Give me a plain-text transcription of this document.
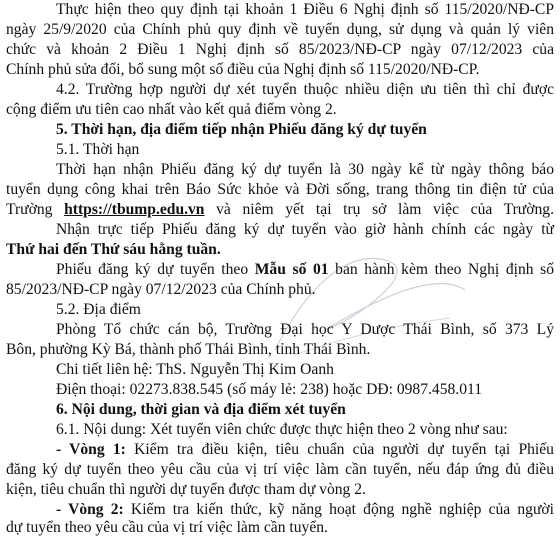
Thực hiện theo quy định tại khoản 1 Điều 6 Nghị định số 115/2020/NĐ-CP
ngày 25/9/2020 của Chính phủ quy định về tuyển dụng, sử dụng và quản lý viên
chức và khoản 2 Điều 1 Nghị định số 85/2023/NĐ-CP ngày 07/12/2023 của
Chính phủ sửa đổi, bổ sung một số điều của Nghị định số 115/2020/NĐ-CP.
4.2. Trường hợp người dự xét tuyển thuộc nhiều diện ưu tiên thì chỉ được
cộng điểm ưu tiên cao nhất vào kết quả điểm vòng 2.
5. Thời hạn, địa điểm tiếp nhận Phiếu đăng ký dự tuyển
5.1. Thời hạn
Thời hạn nhận Phiếu đăng ký dự tuyển là 30 ngày kể từ ngày thông báo
tuyển dụng công khai trên Báo Sức khỏe và Đời sống, trang thông tin điện tử của
Trường https://tbump.edu.vn và niêm yết tại trụ sở làm việc của Trường.
Nhận trực tiếp Phiếu đăng ký dự tuyển vào giờ hành chính các ngày từ
Thứ hai đến Thứ sáu hằng tuần.
Phiếu đăng ký dự tuyển theo Mẫu số 01 ban hành kèm theo Nghị định số
85/2023/NĐ-CP ngày 07/12/2023 của Chính phủ.
5.2. Địa điểm
Phòng Tổ chức cán bộ, Trường Đại học Y Dược Thái Bình, số 373 Lý
Bôn, phường Kỳ Bá, thành phố Thái Bình, tỉnh Thái Bình.
Chi tiết liên hệ: ThS. Nguyễn Thị Kim Oanh
Điện thoại: 02273.838.545 (số máy lẻ: 238) hoặc DĐ: 0987.458.011
6. Nội dung, thời gian và địa điểm xét tuyển
6.1. Nội dung: Xét tuyển viên chức được thực hiện theo 2 vòng như sau:
- Vòng 1: Kiểm tra điều kiện, tiêu chuẩn của người dự tuyển tại Phiếu
đăng ký dự tuyển theo yêu cầu của vị trí việc làm cần tuyển, nếu đáp ứng đủ điều
kiện, tiêu chuẩn thì người dự tuyển được tham dự vòng 2.
- Vòng 2: Kiểm tra kiến thức, kỹ năng hoạt động nghề nghiệp của người
dự tuyển theo yêu cầu của vị trí việc làm cần tuyển.
